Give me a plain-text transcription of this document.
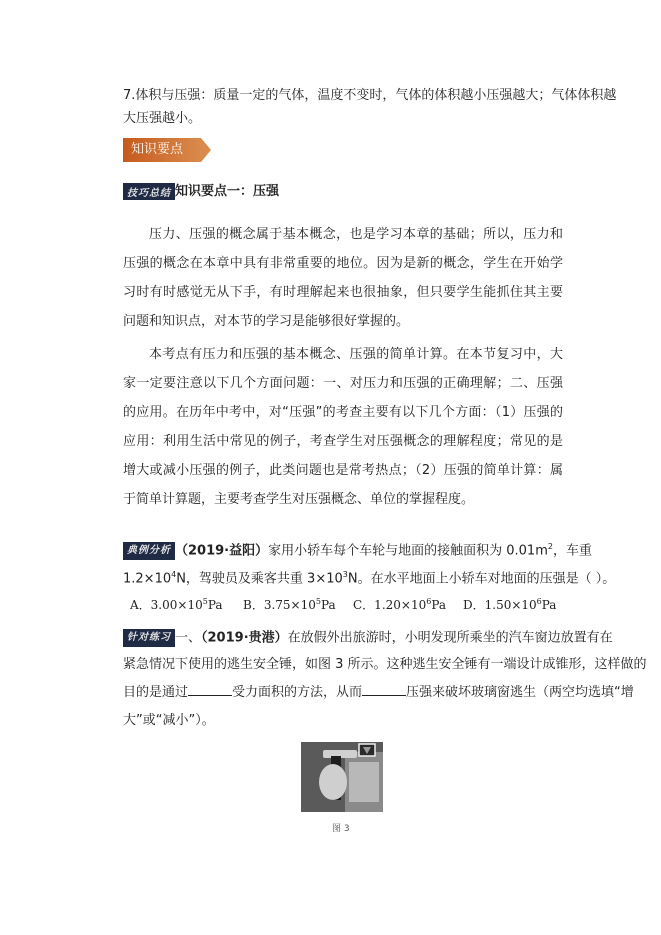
7.体积与压强：质量一定的气体，温度不变时，气体的体积越小压强越大；气体体积越
大压强越小。
知识要点
技巧总结 知识要点一：压强
压力、压强的概念属于基本概念，也是学习本章的基础；所以，压力和压强的概念在本章中具有非常重要的地位。因为是新的概念，学生在开始学习时有时感觉无从下手，有时理解起来也很抽象，但只要学生能抓住其主要问题和知识点，对本节的学习是能够很好掌握的。
本考点有压力和压强的基本概念、压强的简单计算。在本节复习中，大家一定要注意以下几个方面问题：一、对压力和压强的正确理解；二、压强的应用。在历年中考中，对“压强”的考查主要有以下几个方面：（1）压强的应用：利用生活中常见的例子，考查学生对压强概念的理解程度；常见的是增大或减小压强的例子，此类问题也是常考热点；（2）压强的简单计算：属于简单计算题，主要考查学生对压强概念、单位的掌握程度。
典例分析 （2019·益阳）家用小轿车每个车轮与地面的接触面积为 $0.01m^2$，车重
$1.2\times 10^4N$，驾驶员及乘客共重 $3\times 10^3N$。在水平地面上小轿车对地面的压强是（ ）。
A．$3.00\times 10^5Pa$ B．$3.75\times 10^5Pa$ C．$1.20\times 10^6Pa$ D．$1.50\times 10^6Pa$
针对练习 一、（2019·贵港）在放假外出旅游时，小明发现所乘坐的汽车窗边放置有在
紧急情况下使用的逃生安全锤，如图 3 所示。这种逃生安全锤有一端设计成锥形，这样做的
目的是通过	受力面积的方法，从而	压强来破坏玻璃窗逃生（两空均选填“增
大”或“减小”）。
图 3
